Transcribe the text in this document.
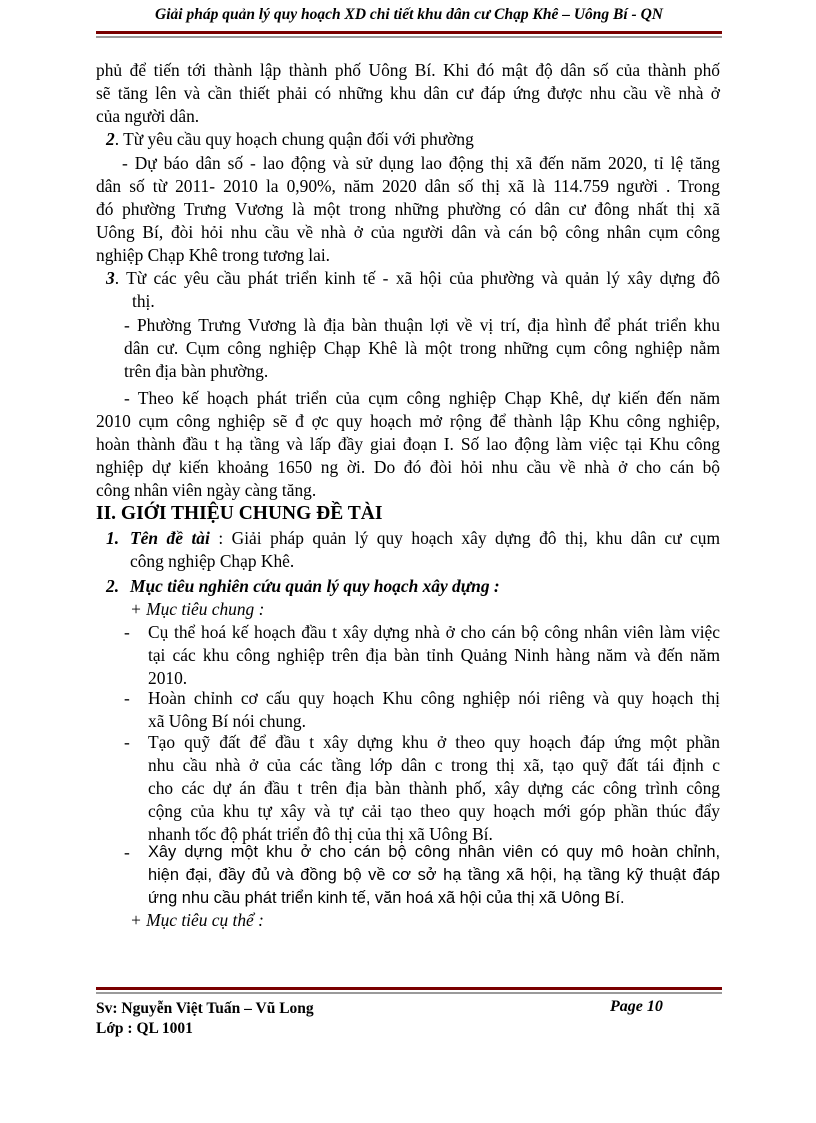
Giải pháp quản lý quy hoạch XD chi tiết khu dân cư Chạp Khê – Uông Bí - QN
phủ để tiến tới thành lập thành phố Uông Bí. Khi đó mật độ dân số của thành phố
sẽ tăng lên và cần thiết phải có những khu dân cư đáp ứng được nhu cầu về nhà ở
của người dân.
2. Từ yêu cầu quy hoạch chung quận đối với phường
- Dự báo dân số - lao động và sử dụng lao động thị xã đến năm 2020, tỉ lệ tăng
dân số từ 2011- 2010 la 0,90%, năm 2020 dân số thị xã là 114.759 người . Trong
đó phường Trưng Vương là một trong những phường có dân cư đông nhất thị xã
Uông Bí, đòi hỏi nhu cầu về nhà ở của người dân và cán bộ công nhân cụm công
nghiệp Chạp Khê trong tương lai.
3. Từ các yêu cầu phát triển kinh tế - xã hội của phường và quản lý xây dựng đô
thị.
- Phường Trưng Vương là địa bàn thuận lợi về vị trí, địa hình để phát triển khu
dân cư. Cụm công nghiệp Chạp Khê là một trong những cụm công nghiệp nằm
trên địa bàn phường.
- Theo kế hoạch phát triển của cụm công nghiệp Chạp Khê, dự kiến đến năm
2010 cụm công nghiệp sẽ đ ợc quy hoạch mở rộng để thành lập Khu công nghiệp,
hoàn thành đầu t hạ tầng và lấp đầy giai đoạn I. Số lao động làm việc tại Khu công
nghiệp dự kiến khoảng 1650 ng ời. Do đó đòi hỏi nhu cầu về nhà ở cho cán bộ
công nhân viên ngày càng tăng.
II. GIỚI THIỆU CHUNG ĐỀ TÀI
1. Tên đề tài : Giải pháp quản lý quy hoạch xây dựng đô thị, khu dân cư cụm
công nghiệp Chạp Khê.
2. Mục tiêu nghiên cứu quản lý quy hoạch xây dựng :
+ Mục tiêu chung :
- Cụ thể hoá kế hoạch đầu t xây dựng nhà ở cho cán bộ công nhân viên làm việc
tại các khu công nghiệp trên địa bàn tỉnh Quảng Ninh hàng năm và đến năm
2010.
- Hoàn chỉnh cơ cấu quy hoạch Khu công nghiệp nói riêng và quy hoạch thị
xã Uông Bí nói chung.
- Tạo quỹ đất để đầu t xây dựng khu ở theo quy hoạch đáp ứng một phần
nhu cầu nhà ở của các tầng lớp dân c trong thị xã, tạo quỹ đất tái định c
cho các dự án đầu t trên địa bàn thành phố, xây dựng các công trình công
cộng của khu tự xây và tự cải tạo theo quy hoạch mới góp phần thúc đẩy
nhanh tốc độ phát triển đô thị của thị xã Uông Bí.
- Xây dựng một khu ở cho cán bộ công nhân viên có quy mô hoàn chỉnh,
hiện đại, đầy đủ và đồng bộ về cơ sở hạ tầng xã hội, hạ tầng kỹ thuật đáp
ứng nhu cầu phát triển kinh tế, văn hoá xã hội của thị xã Uông Bí.
+ Mục tiêu cụ thể :
Sv: Nguyễn Việt Tuấn – Vũ Long
Lớp : QL 1001
Page 10
